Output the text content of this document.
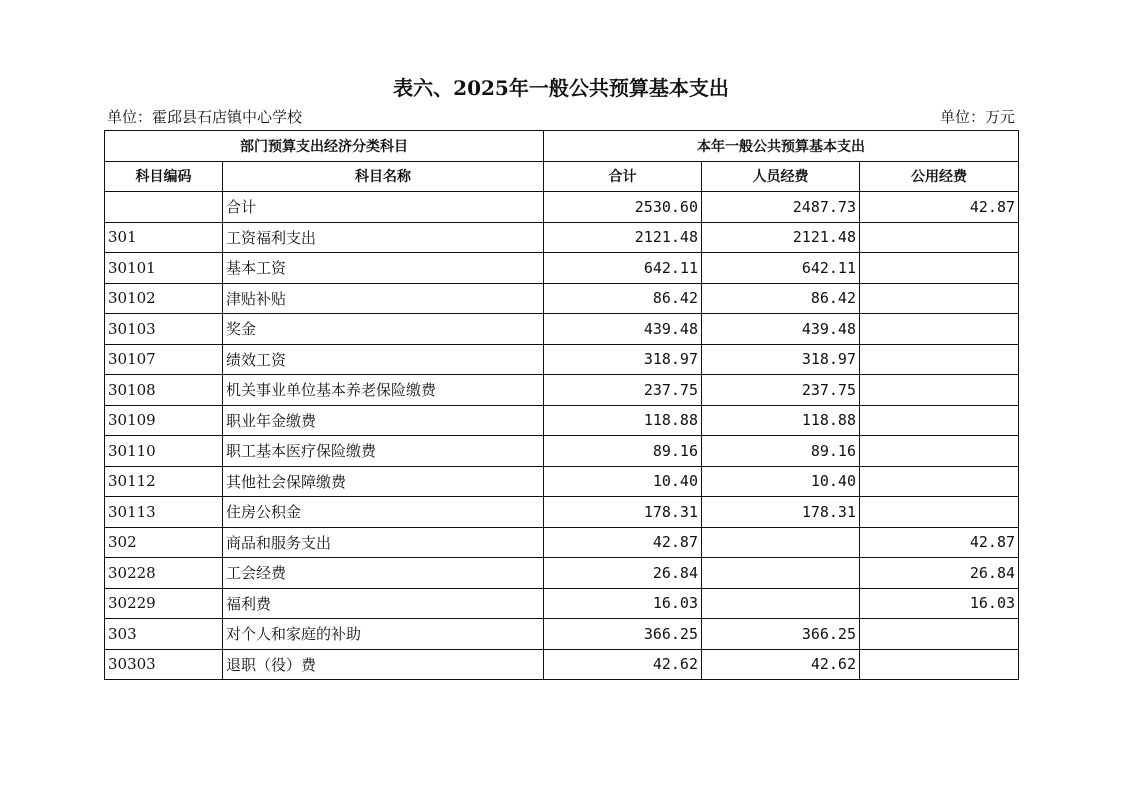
表六、2025年一般公共预算基本支出
单位：霍邱县石店镇中心学校	单位：万元
部门预算支出经济分类科目		本年一般公共预算基本支出		
科目编码	科目名称	合计	人员经费	公用经费
	合计	2530.60	2487.73	42.87
301	工资福利支出	2121.48	2121.48	
30101	基本工资	642.11	642.11	
30102	津贴补贴	86.42	86.42	
30103	奖金	439.48	439.48	
30107	绩效工资	318.97	318.97	
30108	机关事业单位基本养老保险缴费	237.75	237.75	
30109	职业年金缴费	118.88	118.88	
30110	职工基本医疗保险缴费	89.16	89.16	
30112	其他社会保障缴费	10.40	10.40	
30113	住房公积金	178.31	178.31	
302	商品和服务支出	42.87		42.87
30228	工会经费	26.84		26.84
30229	福利费	16.03		16.03
303	对个人和家庭的补助	366.25	366.25	
30303	退职（役）费	42.62	42.62	
